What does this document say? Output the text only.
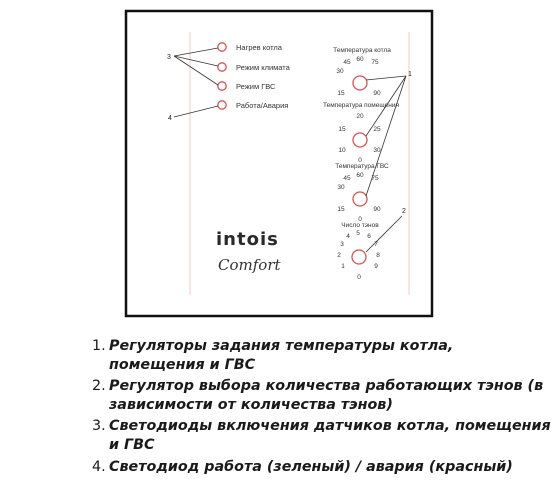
Нагрев котла
Режим климата
Режим ГВС
Работа/Авария
3
4
Температура котла
60
45	75
30
15	90
Температура помещения
20
15	25
10	30
0
Температура ГВС
60
45	75
30
15	90
0
Число тэнов
0
1
2
3
4 5 6
7
8
9
1
2
intois
Comfort
1. Регуляторы задания температуры котла, помещения и ГВС
2. Регулятор выбора количества работающих тэнов (в зависимости от количества тэнов)
3. Светодиоды включения датчиков котла, помещения и ГВС
4. Светодиод работа (зеленый) / авария (красный)
